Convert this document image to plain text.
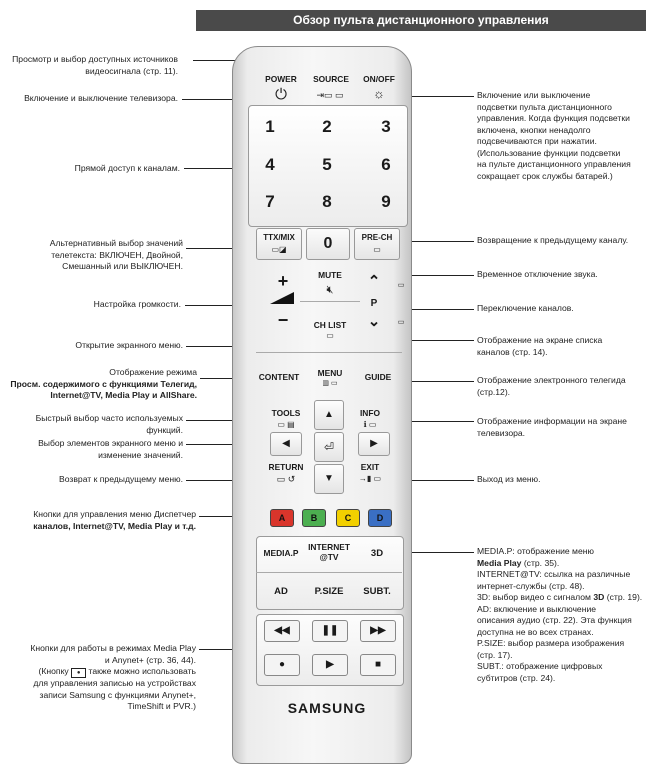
Обзор пульта дистанционного управления
Просмотр и выбор доступных источников
видеосигнала (стр. 11).
Включение и выключение телевизора.
Прямой доступ к каналам.
Альтернативный выбор значений
телетекста: ВКЛЮЧЕН, Двойной,
Смешанный или ВЫКЛЮЧЕН.
Настройка громкости.
Открытие экранного меню.
Отображение режима
Просм. содержимого с функциями Телегид,
Internet@TV, Media Play и AllShare.
Быстрый выбор часто используемых
функций.
Выбор элементов экранного меню и
изменение значений.
Возврат к предыдущему меню.
Кнопки для управления меню Диспетчер
каналов, Internet@TV, Media Play и т.д.
Кнопки для работы в режимах Media Play
и Anynet+ (стр. 36, 44).
(Кнопку ● также можно использовать
для управления записью на устройствах
записи Samsung с функциями Anynet+,
TimeShift и PVR.)
Включение или выключение
подсветки пульта дистанционного
управления. Когда функция подсветки
включена, кнопки ненадолго
подсвечиваются при нажатии.
(Использование функции подсветки
на пульте дистанционного управления
сокращает срок службы батарей.)
Возвращение к предыдущему каналу.
Временное отключение звука.
Переключение каналов.
Отображение на экране списка
каналов (стр. 14).
Отображение электронного телегида
(стр.12).
Отображение информации на экране
телевизора.
Выход из меню.
MEDIA.P: отображение меню
Media Play (стр. 35).
INTERNET@TV: ссылка на различные
интернет-службы (стр. 48).
3D: выбор видео с сигналом 3D (стр. 19).
AD: включение и выключение
описания аудио (стр. 22). Эта функция
доступна не во всех странах.
P.SIZE: выбор размера изображения
(стр. 17).
SUBT.: отображение цифровых
субтитров (стр. 24).
POWER
⏻
SOURCE
⇥▭ ▭
ON/OFF
☼
1	2	3
4	5	6
7	8	9
TTX/MIX
▭◪	0	PRE-CH
▭
+
−
MUTE
🔇︎	⌃
P
⌄
▭
▭
CH LIST
▭
CONTENT	MENU
▥ ▭
GUIDE
TOOLS
▭ ▤
INFO
ℹ ▭
▲
◀	⏎	▶
▼
RETURN
▭ ↺
EXIT
→▮ ▭
A	B	C	D
MEDIA.P
INTERNET
@TV	3D
AD	P.SIZE	SUBT.
◀◀	❚❚	▶▶
●	▶	■
SAMSUNG
